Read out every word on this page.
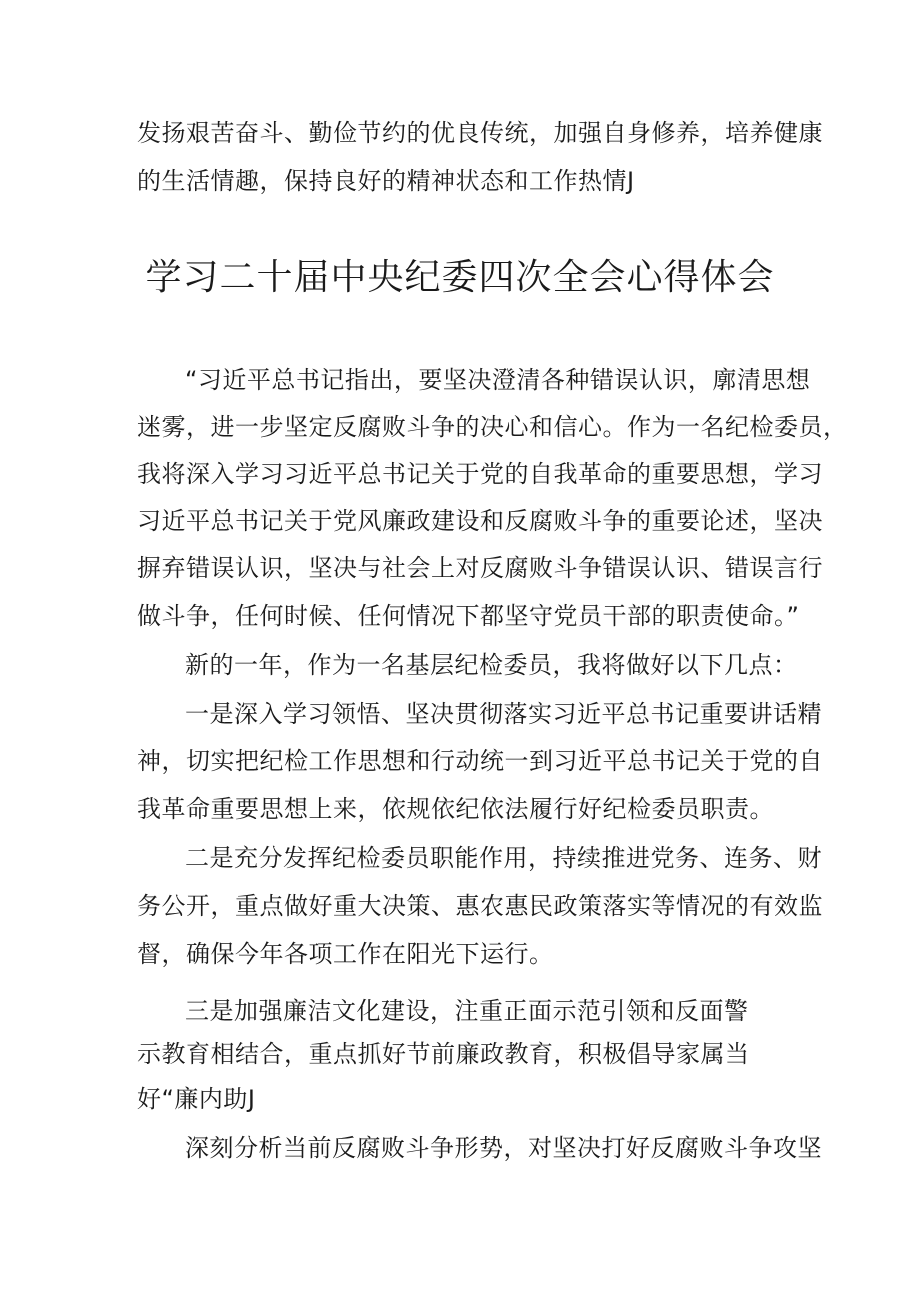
发扬艰苦奋斗、勤俭节约的优良传统，加强自身修养，培养健康
的生活情趣，保持良好的精神状态和工作热情J
学习二十届中央纪委四次全会心得体会
“习近平总书记指出，要坚决澄清各种错误认识，廓清思想
迷雾，进一步坚定反腐败斗争的决心和信心。作为一名纪检委员，
我将深入学习习近平总书记关于党的自我革命的重要思想，学习
习近平总书记关于党风廉政建设和反腐败斗争的重要论述，坚决
摒弃错误认识，坚决与社会上对反腐败斗争错误认识、错误言行
做斗争，任何时候、任何情况下都坚守党员干部的职责使命。”
新的一年，作为一名基层纪检委员，我将做好以下几点：
一是深入学习领悟、坚决贯彻落实习近平总书记重要讲话精
神，切实把纪检工作思想和行动统一到习近平总书记关于党的自
我革命重要思想上来，依规依纪依法履行好纪检委员职责。
二是充分发挥纪检委员职能作用，持续推进党务、连务、财
务公开，重点做好重大决策、惠农惠民政策落实等情况的有效监
督，确保今年各项工作在阳光下运行。
三是加强廉洁文化建设，注重正面示范引领和反面警
示教育相结合，重点抓好节前廉政教育，积极倡导家属当
好“廉内助J
深刻分析当前反腐败斗争形势，对坚决打好反腐败斗争攻坚
